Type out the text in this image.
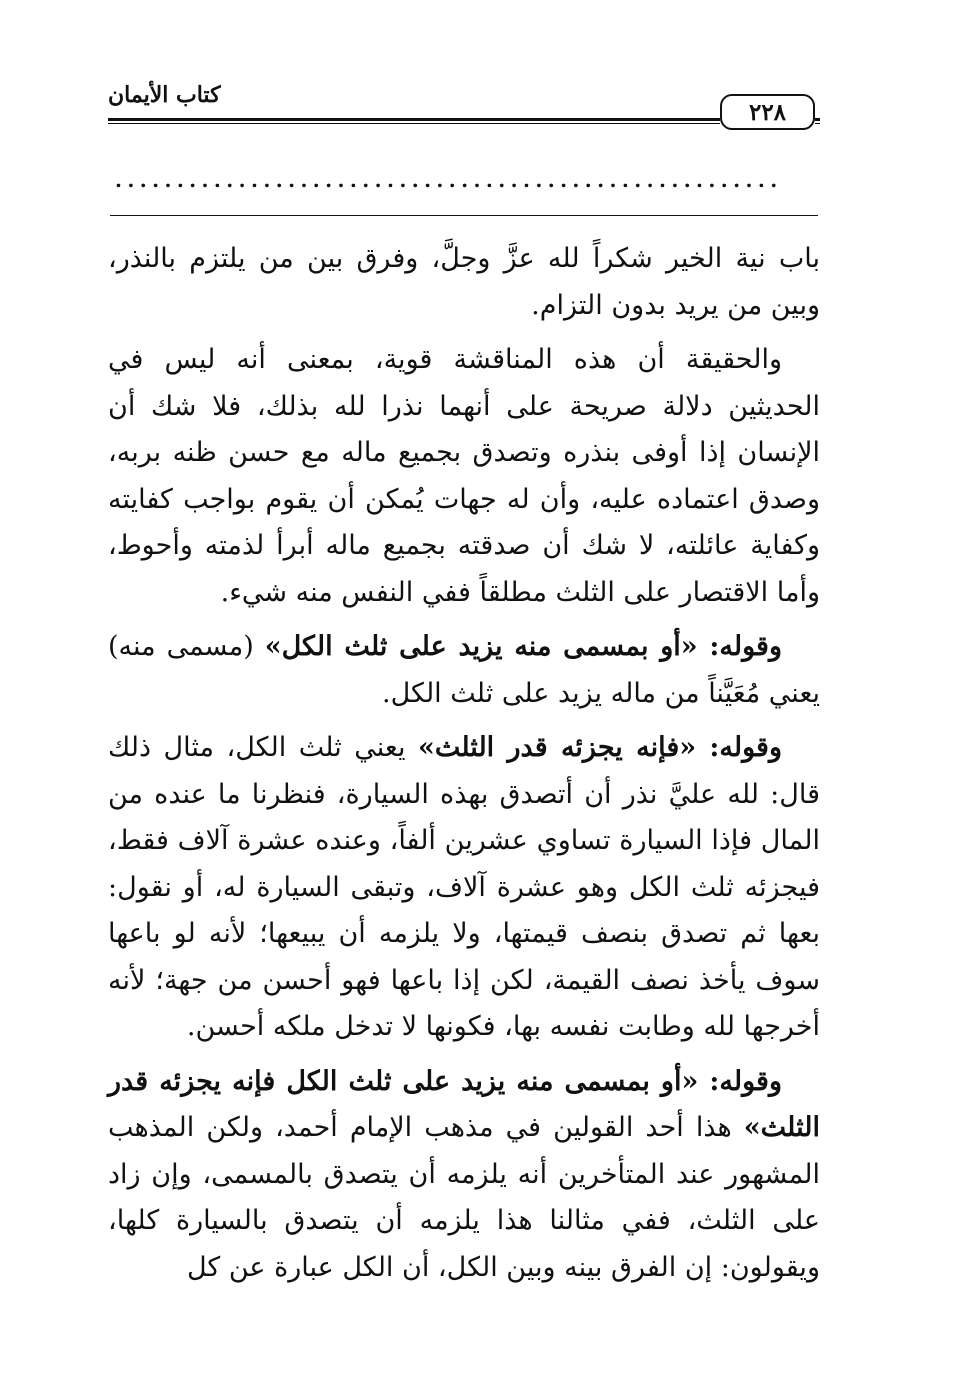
٢٢٨
كتاب الأيمان
......................................................

باب نية الخير شكراً لله عزَّ وجلَّ، وفرق بين من يلتزم بالنذر، وبين من يريد بدون التزام.

والحقيقة أن هذه المناقشة قوية، بمعنى أنه ليس في الحديثين دلالة صريحة على أنهما نذرا لله بذلك، فلا شك أن الإنسان إذا أوفى بنذره وتصدق بجميع ماله مع حسن ظنه بربه، وصدق اعتماده عليه، وأن له جهات يُمكن أن يقوم بواجب كفايته وكفاية عائلته، لا شك أن صدقته بجميع ماله أبرأ لذمته وأحوط، وأما الاقتصار على الثلث مطلقاً ففي النفس منه شيء.

وقوله: «أو بمسمى منه يزيد على ثلث الكل» (مسمى منه) يعني مُعَيَّناً من ماله يزيد على ثلث الكل.

وقوله: «فإنه يجزئه قدر الثلث» يعني ثلث الكل، مثال ذلك قال: لله عليَّ نذر أن أتصدق بهذه السيارة، فنظرنا ما عنده من المال فإذا السيارة تساوي عشرين ألفاً، وعنده عشرة آلاف فقط، فيجزئه ثلث الكل وهو عشرة آلاف، وتبقى السيارة له، أو نقول: بعها ثم تصدق بنصف قيمتها، ولا يلزمه أن يبيعها؛ لأنه لو باعها سوف يأخذ نصف القيمة، لكن إذا باعها فهو أحسن من جهة؛ لأنه أخرجها لله وطابت نفسه بها، فكونها لا تدخل ملكه أحسن.

وقوله: «أو بمسمى منه يزيد على ثلث الكل فإنه يجزئه قدر الثلث» هذا أحد القولين في مذهب الإمام أحمد، ولكن المذهب المشهور عند المتأخرين أنه يلزمه أن يتصدق بالمسمى، وإن زاد على الثلث، ففي مثالنا هذا يلزمه أن يتصدق بالسيارة كلها، ويقولون: إن الفرق بينه وبين الكل، أن الكل عبارة عن كل
